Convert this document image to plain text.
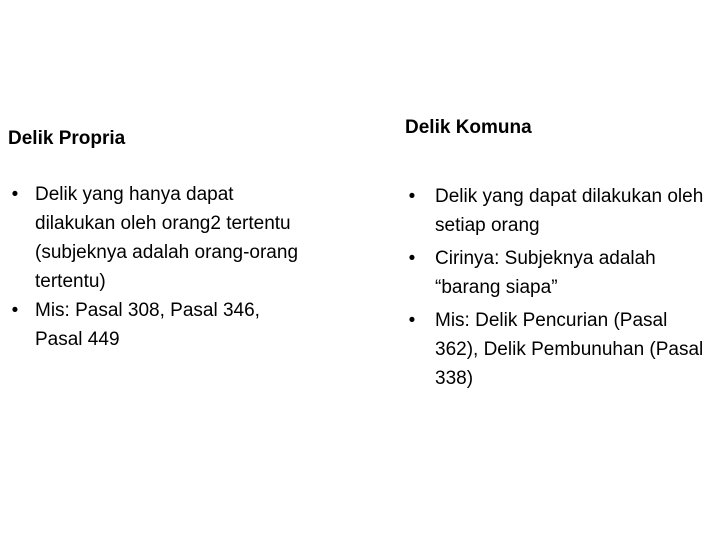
Delik Propria
• Delik yang hanya dapat dilakukan oleh orang2 tertentu (subjeknya adalah orang-orang tertentu)
• Mis: Pasal 308, Pasal 346, Pasal 449
Delik Komuna
• Delik yang dapat dilakukan oleh setiap orang
• Cirinya: Subjeknya adalah “barang siapa”
• Mis: Delik Pencurian (Pasal 362), Delik Pembunuhan (Pasal 338)
